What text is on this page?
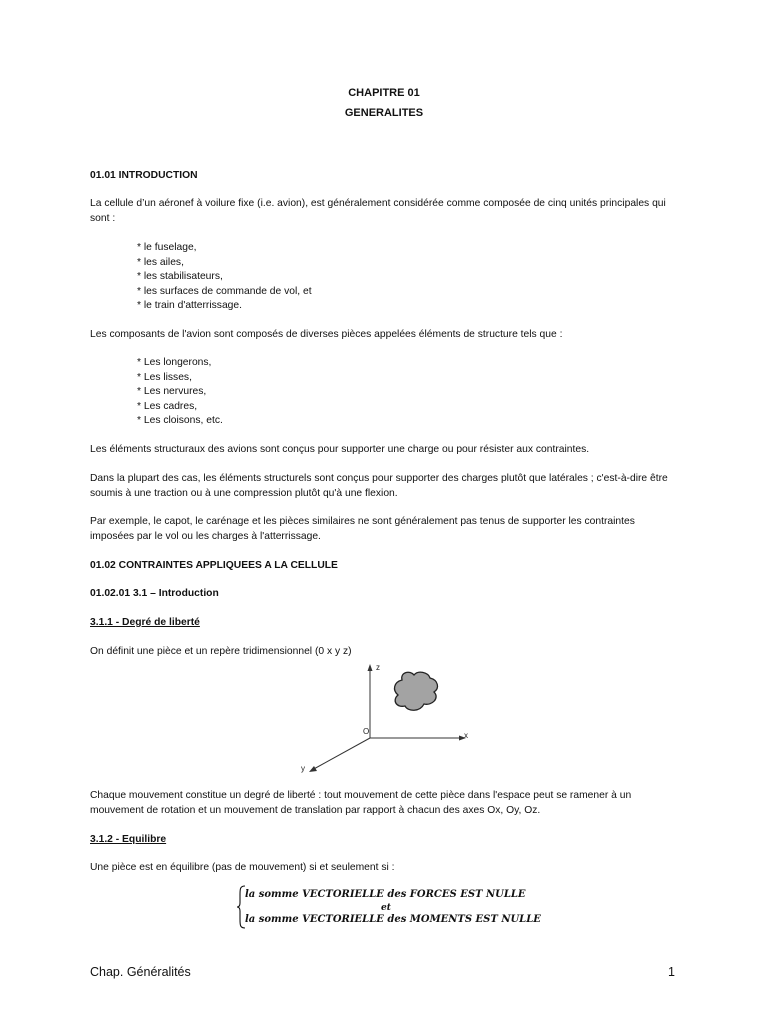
CHAPITRE 01
GENERALITES
01.01 INTRODUCTION
La cellule d’un aéronef à voilure fixe (i.e. avion), est généralement considérée comme composée de cinq unités principales qui sont :
* le fuselage,
* les ailes,
* les stabilisateurs,
* les surfaces de commande de vol, et
* le train d'atterrissage.
Les composants de l'avion sont composés de diverses pièces appelées éléments de structure tels que :
* Les longerons,
* Les lisses,
* Les nervures,
* Les cadres,
* Les cloisons, etc.
Les éléments structuraux des avions sont conçus pour supporter une charge ou pour résister aux contraintes.
Dans la plupart des cas, les éléments structurels sont conçus pour supporter des charges plutôt que latérales ; c'est-à-dire être soumis à une traction ou à une compression plutôt qu'à une flexion.
Par exemple, le capot, le carénage et les pièces similaires ne sont généralement pas tenus de supporter les contraintes imposées par le vol ou les charges à l'atterrissage.
01.02 CONTRAINTES APPLIQUEES A LA CELLULE
01.02.01 3.1 – Introduction
3.1.1 - Degré de liberté
On définit une pièce et un repère tridimensionnel (0 x y z)
z
x
y
O
Chaque mouvement constitue un degré de liberté : tout mouvement de cette pièce dans l'espace peut se ramener à un mouvement de rotation et un mouvement de translation par rapport à chacun des axes Ox, Oy, Oz.
3.1.2 - Equilibre
Une pièce est en équilibre (pas de mouvement) si et seulement si :
la somme VECTORIELLE des FORCES EST NULLE
et
la somme VECTORIELLE des MOMENTS EST NULLE
Chap. Généralités	1
